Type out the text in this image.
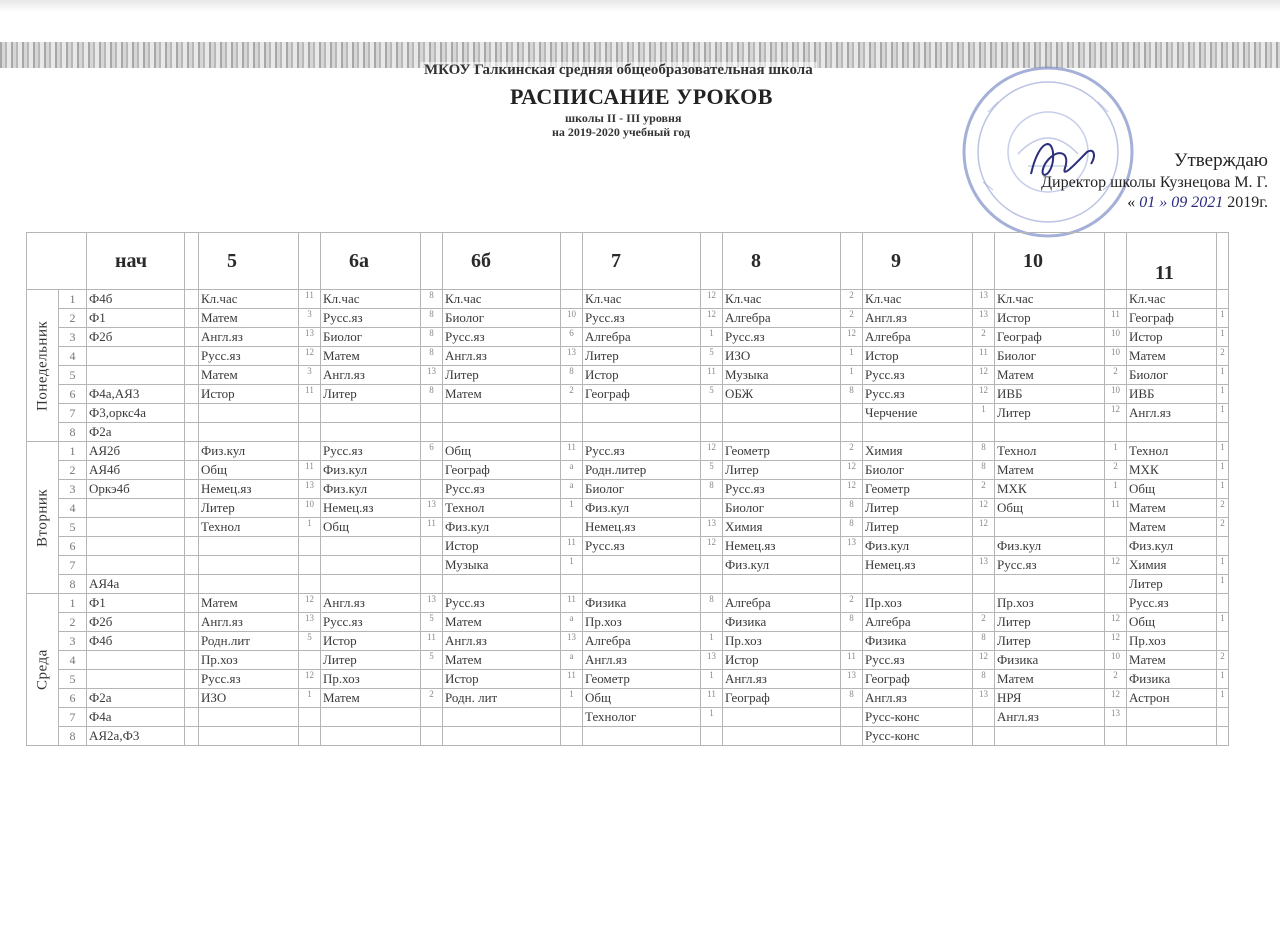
МКОУ Галкинская средняя общеобразовательная школа
РАСПИСАНИЕ УРОКОВ
школы II - III уровня
на 2019-2020 учебный год
Утверждаю
Директор школы Кузнецова М. Г.
« 01 » 09 2021 2019г.
		нач		5		6а		6б		7		8		9		10		11	
Понедельник	1	Ф4б		Кл.час	11	Кл.час	8	Кл.час		Кл.час	12	Кл.час	2	Кл.час	13	Кл.час		Кл.час	
	2	Ф1		Матем	3	Русс.яз	8	Биолог	10	Русс.яз	12	Алгебра	2	Англ.яз	13	Истор	11	Географ	1
	3	Ф2б		Англ.яз	13	Биолог	8	Русс.яз	6	Алгебра	1	Русс.яз	12	Алгебра	2	Географ	10	Истор	1
	4			Русс.яз	12	Матем	8	Англ.яз	13	Литер	5	ИЗО	1	Истор	11	Биолог	10	Матем	2
	5			Матем	3	Англ.яз	13	Литер	8	Истор	11	Музыка	1	Русс.яз	12	Матем	2	Биолог	1
	6	Ф4а,АЯ3		Истор	11	Литер	8	Матем	2	Географ	5	ОБЖ	8	Русс.яз	12	ИВБ	10	ИВБ	1
	7	Ф3,оркс4а												Черчение	1	Литер	12	Англ.яз	1
	8	Ф2а																	
Вторник	1	АЯ2б		Физ.кул		Русс.яз	6	Общ	11	Русс.яз	12	Геометр	2	Химия	8	Технол	1	Технол	1
	2	АЯ4б		Общ	11	Физ.кул		Географ	а	Родн.литер	5	Литер	12	Биолог	8	Матем	2	МХК	1
	3	Оркэ4б		Немец.яз	13	Физ.кул		Русс.яз	а	Биолог	8	Русс.яз	12	Геометр	2	МХК	1	Общ	1
	4			Литер	10	Немец.яз	13	Технол	1	Физ.кул		Биолог	8	Литер	12	Общ	11	Матем	2
	5			Технол	1	Общ	11	Физ.кул		Немец.яз	13	Химия	8	Литер	12			Матем	2
	6							Истор	11	Русс.яз	12	Немец.яз	13	Физ.кул		Физ.кул		Физ.кул	
	7							Музыка	1			Физ.кул		Немец.яз	13	Русс.яз	12	Химия	1
	8	АЯ4а																Литер	1
Среда	1	Ф1		Матем	12	Англ.яз	13	Русс.яз	11	Физика	8	Алгебра	2	Пр.хоз		Пр.хоз		Русс.яз	
	2	Ф2б		Англ.яз	13	Русс.яз	5	Матем	а	Пр.хоз		Физика	8	Алгебра	2	Литер	12	Общ	1
	3	Ф4б		Родн.лит	5	Истор	11	Англ.яз	13	Алгебра	1	Пр.хоз		Физика	8	Литер	12	Пр.хоз	
	4			Пр.хоз		Литер	5	Матем	а	Англ.яз	13	Истор	11	Русс.яз	12	Физика	10	Матем	2
	5			Русс.яз	12	Пр.хоз		Истор	11	Геометр	1	Англ.яз	13	Географ	8	Матем	2	Физика	1
	6	Ф2а		ИЗО	1	Матем	2	Родн. лит	1	Общ	11	Географ	8	Англ.яз	13	НРЯ	12	Астрон	1
	7	Ф4а								Технолог	1			Русс-конс		Англ.яз	13		
	8	АЯ2а,Ф3												Русс-конс					
